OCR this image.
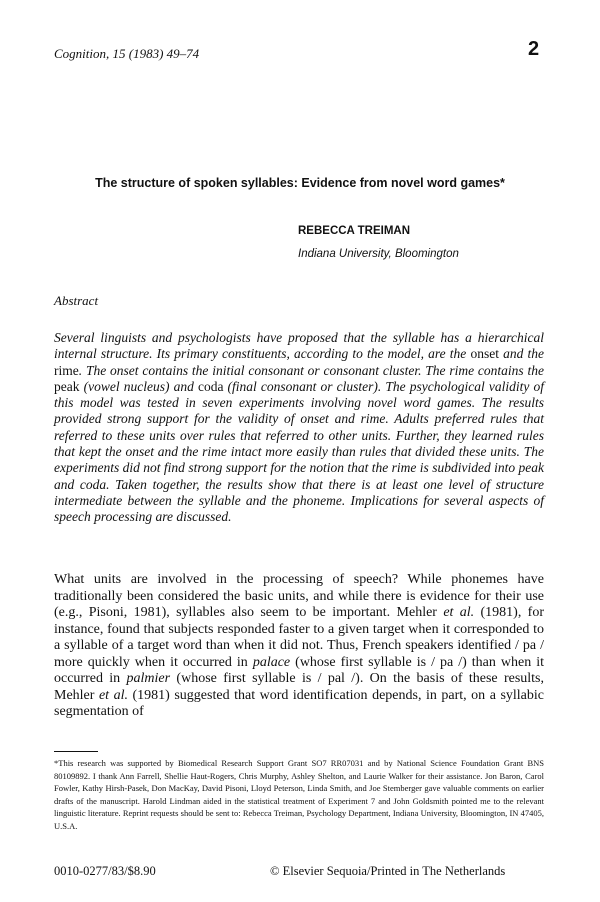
Cognition, 15 (1983) 49–74	2
The structure of spoken syllables: Evidence from novel word games*
REBECCA TREIMAN
Indiana University, Bloomington
Abstract

Several linguists and psychologists have proposed that the syllable has a hierarchical internal structure. Its primary constituents, according to the model, are the onset and the rime. The onset contains the initial consonant or consonant cluster. The rime contains the peak (vowel nucleus) and coda (final consonant or cluster). The psychological validity of this model was tested in seven experiments involving novel word games. The results provided strong support for the validity of onset and rime. Adults preferred rules that referred to these units over rules that referred to other units. Further, they learned rules that kept the onset and the rime intact more easily than rules that divided these units. The experiments did not find strong support for the notion that the rime is subdivided into peak and coda. Taken together, the results show that there is at least one level of structure intermediate between the syllable and the phoneme. Implications for several aspects of speech processing are discussed.

What units are involved in the processing of speech? While phonemes have traditionally been considered the basic units, and while there is evidence for their use (e.g., Pisoni, 1981), syllables also seem to be important. Mehler et al. (1981), for instance, found that subjects responded faster to a given target when it corresponded to a syllable of a target word than when it did not. Thus, French speakers identified / pa / more quickly when it occurred in palace (whose first syllable is / pa /) than when it occurred in palmier (whose first syllable is / pal /). On the basis of these results, Mehler et al. (1981) suggested that word identification depends, in part, on a syllabic segmentation of

*This research was supported by Biomedical Research Support Grant SO7 RR07031 and by National Science Foundation Grant BNS 80109892. I thank Ann Farrell, Shellie Haut-Rogers, Chris Murphy, Ashley Shelton, and Laurie Walker for their assistance. Jon Baron, Carol Fowler, Kathy Hirsh-Pasek, Don MacKay, David Pisoni, Lloyd Peterson, Linda Smith, and Joe Stemberger gave valuable comments on earlier drafts of the manuscript. Harold Lindman aided in the statistical treatment of Experiment 7 and John Goldsmith pointed me to the relevant linguistic literature. Reprint requests should be sent to: Rebecca Treiman, Psychology Department, Indiana University, Bloomington, IN 47405, U.S.A.

0010-0277/83/$8.90	© Elsevier Sequoia/Printed in The Netherlands
